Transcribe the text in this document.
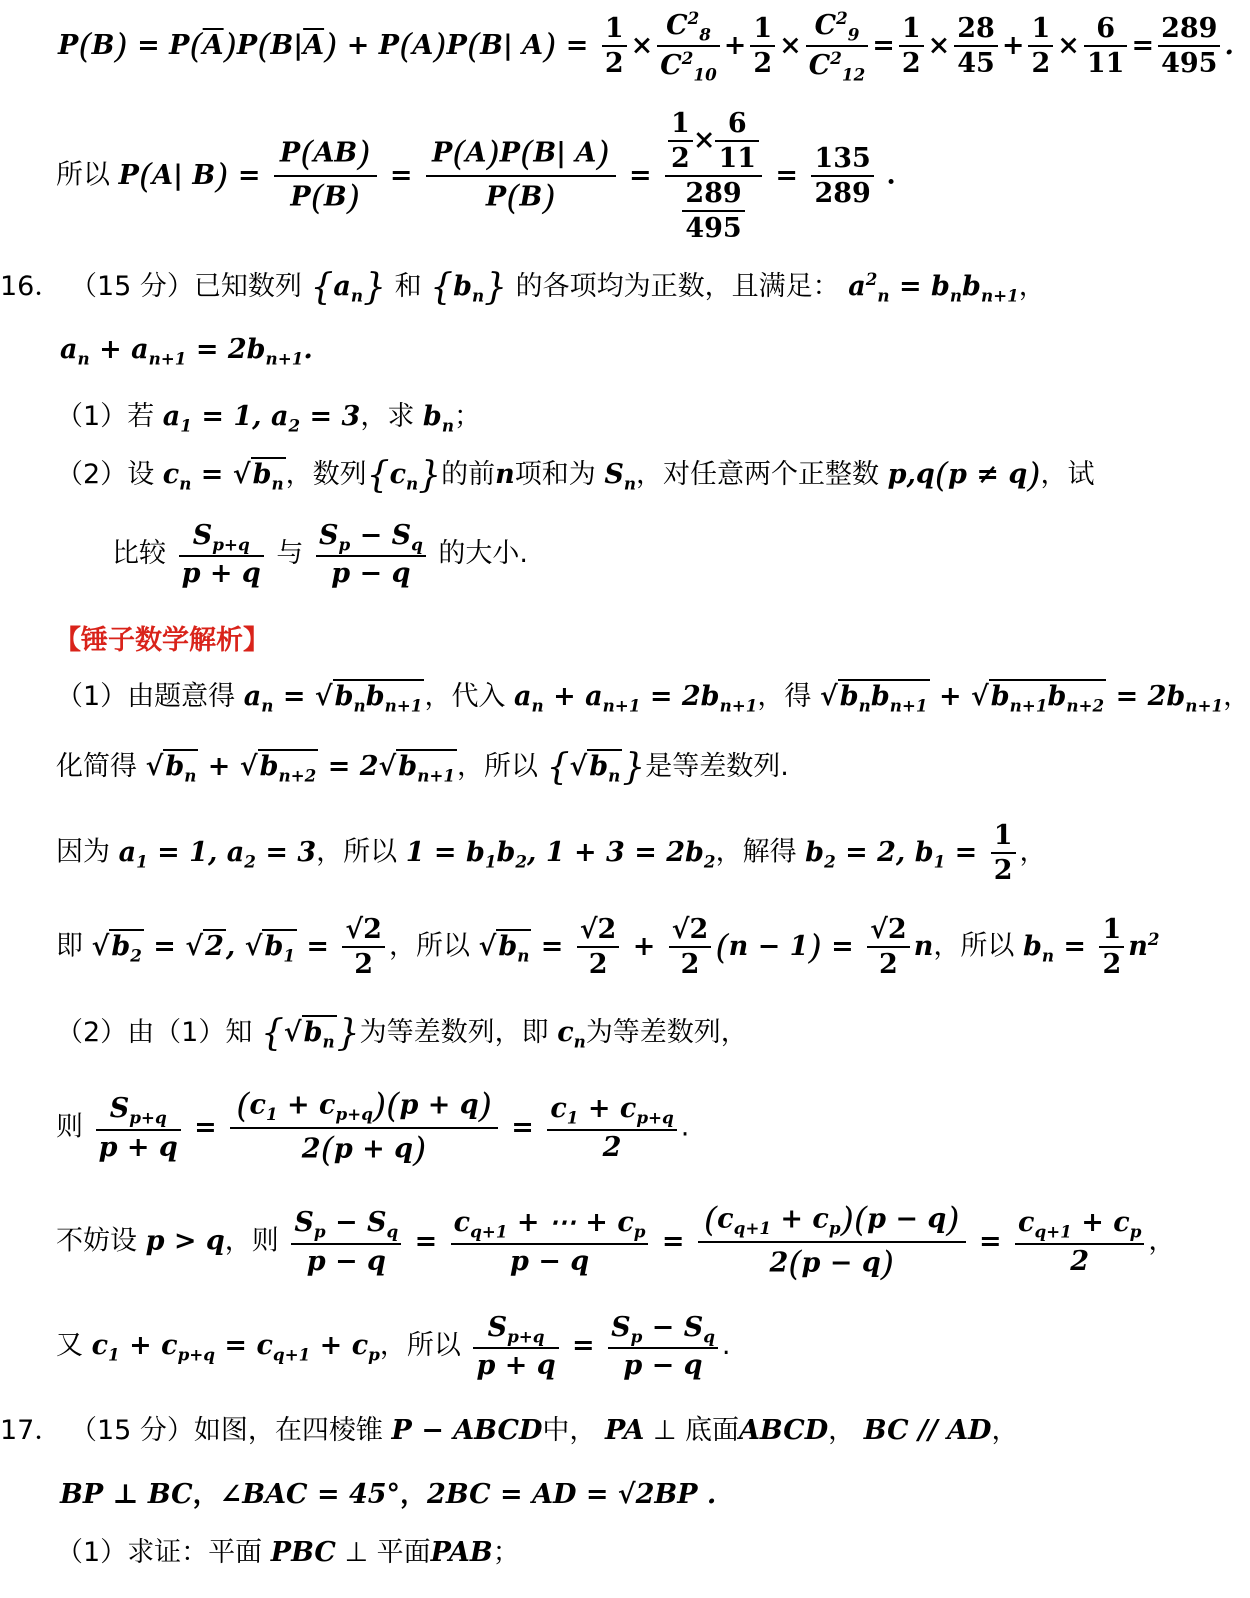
$P(B) = P(\overline{A})P(B|\overline{A}) + P(A)P(B|$ $A) = \frac{1}{2} \times \frac{C^2_8}{C^2_{10}} + \frac{1}{2} \times \frac{C^2_9}{C^2_{12}} = \frac{1}{2} \times \frac{28}{45} + \frac{1}{2} \times \frac{6}{11} = \frac{289}{495}$ .
所以 P(A| $B) = \frac{P(AB)}{P(B)} = \frac{P(A)P(B| A)}{P(B)} = \frac{\frac{1}{2} \times \frac{6}{11}}{\frac{289}{495}} = \frac{135}{289}$ .
16． （15 分）已知数列 $\{a_n\}$ 和 $\{b_n\}$ 的各项均为正数，且满足： $a^2_n = b_nb_{n+1}$，
$a_n + a_{n+1} = 2b_{n+1}$.
（1）若 $a_1 = 1$, $a_2 = 3$，求 $b_n$；
（2）设 $c_n = √b_n$，数列$\{c_n\}$的前n项和为 $S_n$，对任意两个正整数 p,q(p ≠ q)，试
比较 $\frac{S_{p+q}}{p + q}$ 与 $\frac{S_p - S_q}{p - q}$ 的大小.
【锤子数学解析】
（1）由题意得 $a_n = √b_nb_{n+1}$，代入 $a_n + a_{n+1} = 2b_{n+1}$，得 $√b_nb_{n+1} + √b_{n+1}b_{n+2} = 2b_{n+1}$，
化简得 $√b_n + √b_{n+2} = 2√b_{n+1}$，所以 $\{√b_n\}$是等差数列.
因为 $a_1 = 1$, $a_2 = 3$，所以 $1 = b_1b_2$, $1 + 3 = 2b_2$，解得 $b_2 = 2$, $b_1 = \frac{1}{2}$ ，
即 $√b_2 = √2$, $√b_1 = \frac{√2}{2}$ ，所以 $√b_n = \frac{√2}{2} + \frac{√2}{2} (n - 1) = \frac{√2}{2}$ n，所以 $b_n = \frac{1}{2} n^2$
（2）由（1）知 $\{√b_n\}$为等差数列，即 $c_n$为等差数列，
则 $\frac{S_{p+q}}{p + q} = \frac{(c_1 + c_{p+q})(p + q)}{2(p + q)} = \frac{c_1 + c_{p+q}}{2}$ .
不妨设 p > q，则 $\frac{S_p - S_q}{p - q} = \frac{c_{q+1} + \cdots + c_p}{p - q} = \frac{(c_{q+1} + c_p)(p - q)}{2(p - q)} = \frac{c_{q+1} + c_p}{2}$ ，
又 $c_1 + c_{p+q} = c_{q+1} + c_p$，所以 $\frac{S_{p+q}}{p + q} = \frac{S_p - S_q}{p - q}$ .
17． （15 分）如图，在四棱锥 P − ABCD中， PA ⊥ 底面ABCD， BC // AD，
BP ⊥ BC，∠BAC = 45°，2BC = AD = √2BP .
（1）求证：平面 PBC ⊥ 平面PAB；
